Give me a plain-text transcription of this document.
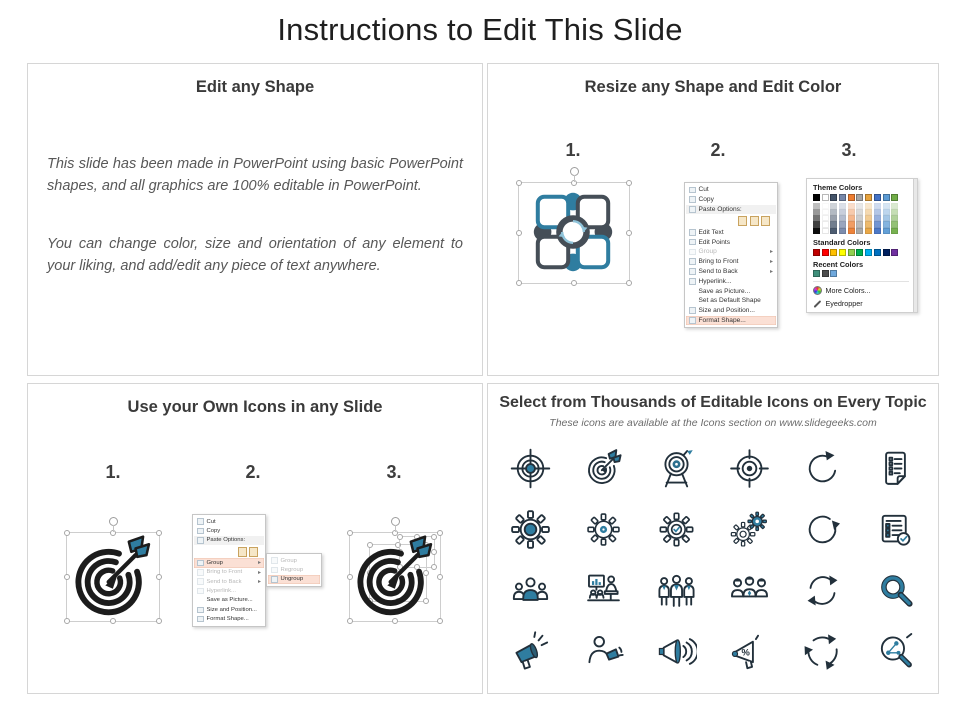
Instructions to Edit This Slide
Edit any Shape

This slide has been made in PowerPoint using basic PowerPoint shapes, and all graphics are 100% editable in PowerPoint.

You can change color, size and orientation of any element to your liking, and add/edit any piece of text anywhere.

Resize any Shape and Edit Color
1.	2.	3.
Cut
Copy
Paste Options:
Edit Text
Edit Points
Group	▸
Bring to Front	▸
Send to Back	▸
Hyperlink...
Save as Picture...
Set as Default Shape
Size and Position...
Format Shape...
Theme Colors
Standard Colors
Recent Colors
More Colors...
Eyedropper
Use your Own Icons in any Slide
1.	2.	3.
Cut
Copy
Paste Options:
Group	▸
Bring to Front	▸
Send to Back	▸
Hyperlink...
Save as Picture...
Size and Position...
Format Shape...
Group
Regroup
Ungroup
Select from Thousands of Editable Icons on Every Topic
These icons are available at the Icons section on www.slidegeeks.com
